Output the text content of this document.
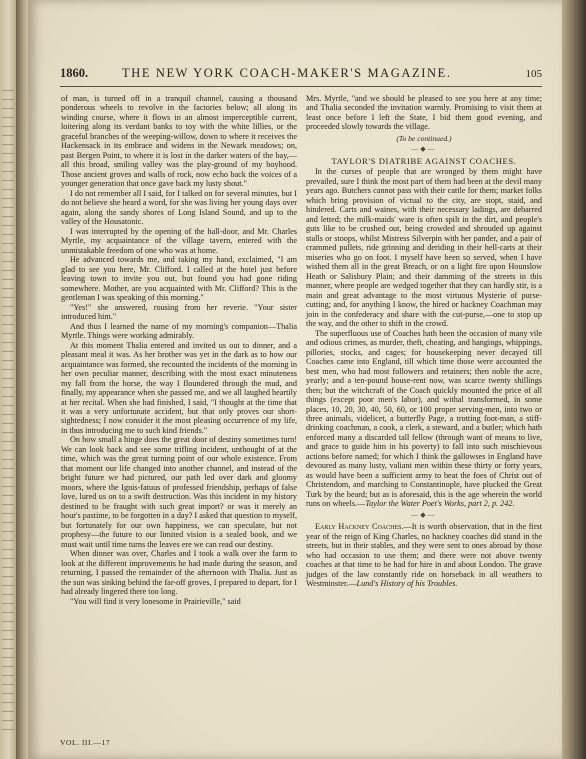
1860.	THE NEW YORK COACH-MAKER'S MAGAZINE.	105

of man, is turned off in a tranquil channel, causing a thousand ponderous wheels to revolve in the factories below; all along its winding course, where it flows in an almost imperceptible current, loitering along its verdant banks to toy with the white lillies, or the graceful branches of the weeping-willow, down to where it receives the Hackensack in its embrace and widens in the Newark meadows; on, past Bergen Point, to where it is lost in the darker waters of the bay,—all this broad, smiling valley was the play-ground of my boyhood. Those ancient groves and walls of rock, now echo back the voices of a younger generation that once gave back my lusty shout."

I do not remember all I said, for I talked on for several minutes, but I do not believe she heard a word, for she was living her young days over again, along the sandy shores of Long Island Sound, and up to the valley of the Housatonic.

I was interrupted by the opening of the hall-door, and Mr. Charles Myrtle, my acquaintance of the village tavern, entered with the unmistakable freedom of one who was at home.

He advanced towards me, and taking my hand, exclaimed, "I am glad to see you here, Mr. Clifford. I called at the hotel just before leaving town to invite you out, but found you had gone riding somewhere. Mother, are you acquainted with Mr. Clifford? This is the gentleman I was speaking of this morning."

"Yes!" she answered, rousing from her reverie. "Your sister introduced him."

And thus I learned the name of my morning's companion—Thalia Myrtle. Things were working admirably.

At this moment Thalia entered and invited us out to dinner, and a pleasant meal it was. As her brother was yet in the dark as to how our acquaintance was formed, she recounted the incidents of the morning in her own peculiar manner, describing with the most exact minuteness my fall from the horse, the way I floundered through the mud, and finally, my appearance when she passed me, and we all laughed heartily at her recital. When she had finished, I said, "I thought at the time that it was a very unfortunate accident, but that only proves our short-sightedness; I now consider it the most pleasing occurrence of my life, in thus introducing me to such kind friends."

On how small a hinge does the great door of destiny sometimes turn! We can look back and see some trifling incident, unthought of at the time, which was the great turning point of our whole existence. From that moment our life changed into another channel, and instead of the bright future we had pictured, our path led over dark and gloomy moors, where the Ignis-fatuus of professed friendship, perhaps of false love, lured us on to a swift destruction. Was this incident in my history destined to be fraught with such great import? or was it merely an hour's pastime, to be forgotten in a day? I asked that question to myself, but fortunately for our own happiness, we can speculate, but not prophesy—the future to our limited vision is a sealed book, and we must wait until time turns the leaves ere we can read our destiny.

When dinner was over, Charles and I took a walk over the farm to look at the different improvements he had made during the season, and returning, I passed the remainder of the afternoon with Thalia. Just as the sun was sinking behind the far-off groves, I prepared to depart, for I had already lingered there too long.

"You will find it very lonesome in Prairieville," said

Mrs. Myrtle, "and we should be pleased to see you here at any time; and Thalia seconded the invitation warmly. Promising to visit them at least once before I left the State, I bid them good evening, and proceeded slowly towards the village.

(To be continued.)
—◆—
TAYLOR'S DIATRIBE AGAINST COACHES.

In the curses of people that are wronged by them might have prevailed, sure I think the most part of them had been at the devil many years ago. Butchers cannot pass with their cattle for them; market folks which bring provision of victual to the city, are stopt, staid, and hindered. Carts and waines, with their necessary ladings, are debarred and letted; the milk-maids' ware is often spilt in the dirt, and people's guts like to be crushed out, being crowded and shrouded up against stalls or stoops, whilst Mistress Silverpin with her pander, and a pair of crammed pullets, ride grinning and deriding in their hell-carts at their miseries who go on foot. I myself have been so served, when I have wished them all in the great Breach, or on a light fire upon Hounslow Heath or Salisbury Plain; and their damming of the streets in this manner, where people are wedged together that they can hardly stir, is a main and great advantage to the most virtuous Mysterie of purse-cutting; and, for anything I know, the hired or hackney Coachman may join in the confederacy and share with the cut-purse,—one to stop up the way, and the other to shift in the crowd.

The superfluous use of Coaches hath been the occasion of many vile and odious crimes, as murder, theft, cheating, and hangings, whippings, pillories, stocks, and cages; for housekeeping never decayed till Coaches came into England, till which time those were accounted the best men, who had most followers and retainers; then noble the acre, yearly; and a ten-pound house-rent now, was scarce twenty shillings then; but the witchcraft of the Coach quickly mounted the price of all things (except poor men's labor), and withal transformed, in some places, 10, 20, 30, 40, 50, 60, or 100 proper serving-men, into two or three animals, videlicet, a butterfly Page, a trotting foot-man, a stiff-drinking coachman, a cook, a clerk, a steward, and a butler; which hath enforced many a discarded tall fellow (through want of means to live, and grace to guide him in his poverty) to fall into such mischievous actions before named; for which I think the gallowses in England have devoured as many lusty, valiant men within these thirty or forty years, as would have been a sufficient army to beat the foes of Christ out of Christendom, and marching to Constantinople, have plucked the Great Turk by the beard; but as is aforesaid, this is the age wherein the world runs on wheels.—Taylor the Water Poet's Works, part 2, p. 242.

—◆—

Early Hackney Coaches.—It is worth observation, that in the first year of the reign of King Charles, no hackney coaches did stand in the streets, but in their stables, and they were sent to ones abroad by those who had occasion to use them; and there were not above twenty coaches at that time to be had for hire in and about London. The grave judges of the law constantly ride on horseback in all weathers to Westminster.—Lund's History of his Troubles.

VOL. III.—17
